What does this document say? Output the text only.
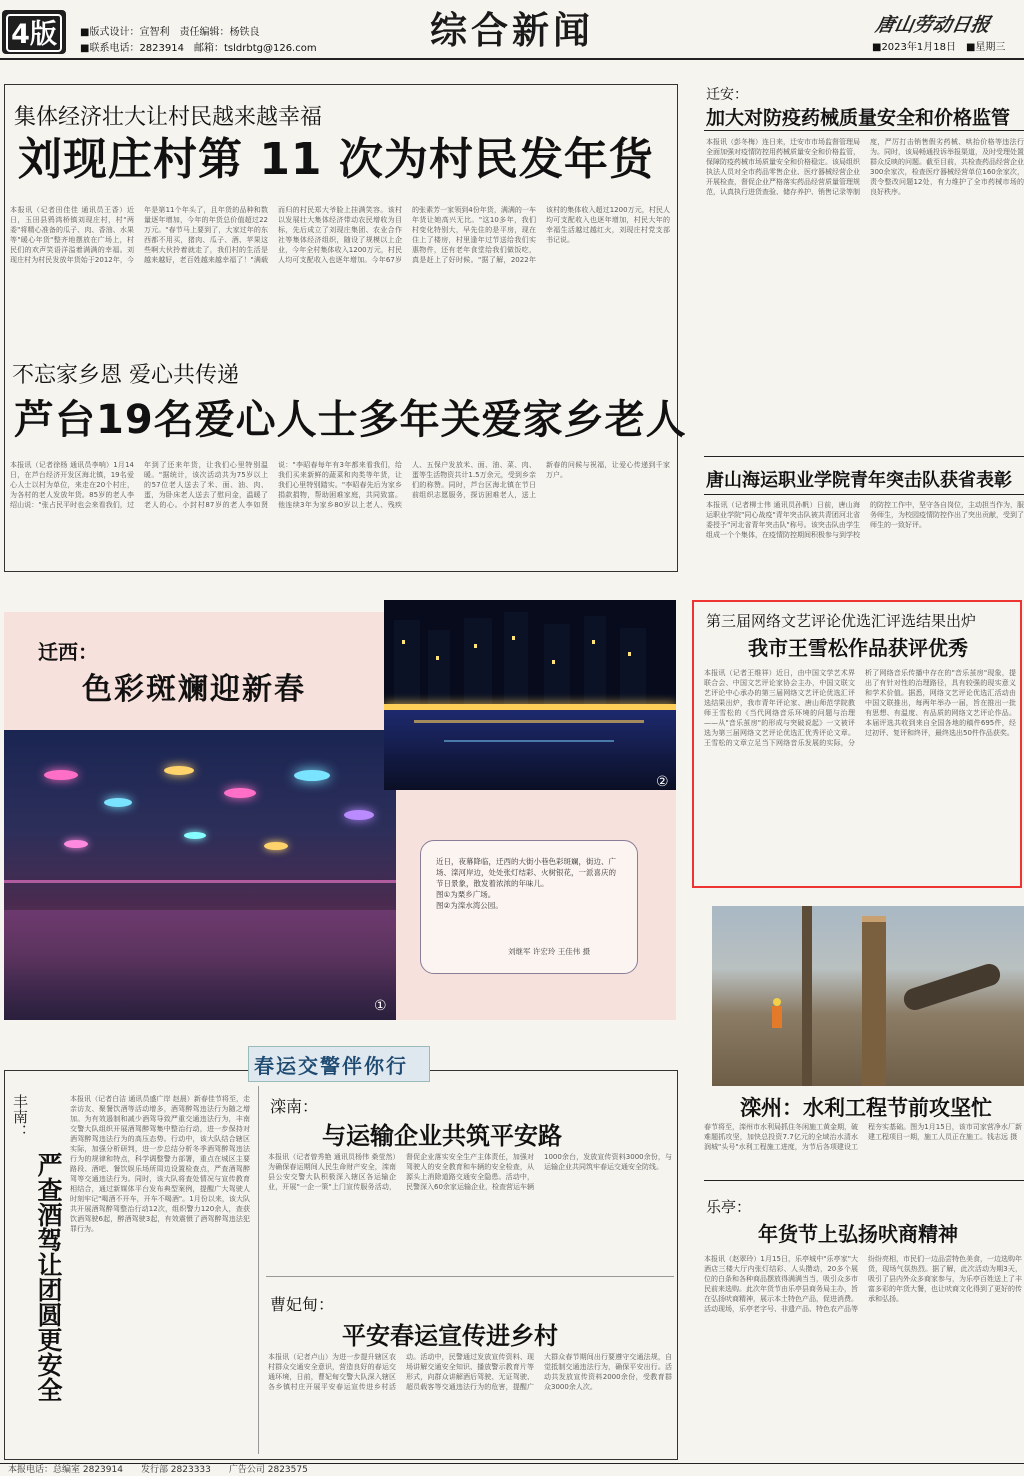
4版	■版式设计：宣智利　责任编辑：杨铁良
■联系电话：2823914　邮箱：tsldrbtg@126.com	综合新闻	唐山劳动日报
■2023年1月18日　■星期三
集体经济壮大让村民越来越幸福
刘现庄村第 11 次为村民发年货
本报讯（记者田佳佳 通讯员王香）近日，玉田县鸦鸿桥镇刘现庄村，村"两委"将精心准备的瓜子、肉、香油、水果等"暖心年货"整齐地摆放在广场上，村民们的欢声笑语洋溢着满满的幸福。刘现庄村为村民发放年货始于2012年，今年是第11个年头了，且年货的品种和数量逐年增加，今年的年货总价值超过22万元。"春节马上要到了，大家过年的东西都不用买，猪肉、瓜子、酒、苹果这些啊大伙拎着就走了，我们村的生活是越来越好，老百姓越来越幸福了！"满载而归的村民郑大爷脸上挂满笑容。该村以发展壮大集体经济带动农民增收为目标，先后成立了刘现庄集团、农业合作社等集体经济组织，随设了规模以上企业，今年全村集体收入1200万元，村民人均可支配收入也逐年增加。今年67岁的张素芳一家领到4份年货，满满的一车年货让她高兴无比。"这10多年，我们村变化特别大，早先住的是平房，现在住上了楼房，村里逢年过节送给我们实惠物件，还有老年食堂给我们做饭吃，真是赶上了好时候。"据了解，2022年该村的集体收入超过1200万元，村民人均可支配收入也逐年增加，村民大年的幸福生活越过越红火，刘现庄村党支部书记说。
不忘家乡恩 爱心共传递
芦台19名爱心人士多年关爱家乡老人
本报讯（记者徐杨 通讯员李响）1月14日，在芦台经济开发区海北镇，19名爱心人士以村为单位，来走在20个村庄，为各村的老人发放年货。85岁的老人李绍山说："张占民平时也会来看我们，过年到了还来年货，让我们心里特别温暖。"据统计，该次活动共为75岁以上的57位老人送去了米、面、油、肉、蛋，为卧床老人送去了慰问金，温暖了老人的心。小封村87岁的老人李如贤说："李昭春每年有3年都来看我们，给我们买来新鲜的蔬菜和肉类等年货，让我们心里特别踏实。"李昭春先后为家乡捐款捐物，帮助困难家庭，共同致富。他连续3年为家乡80岁以上老人、残疾人、五保户发放米、面、油、菜、肉、蛋等生活物资共计1.5万余元，受到乡亲们的称赞。同时，芦台区海北镇在节日前组织志愿服务，探访困难老人，送上新春的问候与祝福，让爱心传递到千家万户。
迁安：
加大对防疫药械质量安全和价格监管
本报讯（彭冬梅）连日来，迁安市市场监督管理局全面加强对疫情防控用药械质量安全和价格监管，保障防疫药械市场质量安全和价格稳定。该局组织执法人员对全市药品零售企业、医疗器械经营企业开展检查，督促企业严格落实药品经营质量管理规范，认真执行进货查验、储存养护、销售记录等制度，严厉打击销售假劣药械、哄抬价格等违法行为。同时，该局畅通投诉举报渠道，及时受理处置群众反映的问题。截至目前，共检查药品经营企业300余家次，检查医疗器械经营单位160余家次，责令整改问题12处，有力维护了全市药械市场的良好秩序。
唐山海运职业学院青年突击队获省表彰
本报讯（记者柳士伟 通讯员孙帆）日前，唐山海运职业学院"同心战疫"青年突击队被共青团河北省委授予"河北省青年突击队"称号。该突击队由学生组成一个个集体，在疫情防控期间积极参与到学校的防控工作中，坚守各自岗位，主动担当作为，服务师生，为校园疫情防控作出了突出贡献，受到了师生的一致好评。
迁西：
色彩斑斓迎新春
①
②
近日，夜幕降临，迁西的大街小巷色彩斑斓，街边、广场、滦河岸边，处处张灯结彩、火树银花，一派喜庆的节日景象，散发着浓浓的年味儿。
图①为栗乡广场。
图②为滦水湾公园。
刘继军 许宏玲 王佳伟 摄
第三届网络文艺评论优选汇评选结果出炉
我市王雪松作品获评优秀
本报讯（记者王维祥）近日，由中国文学艺术界联合会、中国文艺评论家协会主办，中国文联文艺评论中心承办的第三届网络文艺评论优选汇评选结果出炉，我市青年评论家、唐山师范学院教师王雪松的《当代网络音乐环境的问题与治理——从"音乐茧房"的形成与突破说起》一文被评选为第三届网络文艺评论优选汇优秀评论文章。王雪松的文章立足当下网络音乐发展的实际，分析了网络音乐传播中存在的"音乐茧房"现象，提出了有针对性的治理路径，具有较强的现实意义和学术价值。据悉，网络文艺评论优选汇活动由中国文联推出，每两年举办一届，旨在推出一批有思想、有温度、有品质的网络文艺评论作品。本届评选共收到来自全国各地的稿件695件，经过初评、复评和终评，最终选出50件作品获奖。
滦州：水利工程节前攻坚忙
春节将至，滦州市水利局抓住冬闲施工黄金期，破难题抓攻坚，加快总投资7.7亿元的全域治水清水润城"头号"水利工程施工进度，为节后各项建设工程夯实基础。图为1月15日，该市司家营净水厂新建工程项目一期，施工人员正在施工。钱志远 摄
乐亭：
年货节上弘扬吠商精神
本报讯（赵翠玲）1月15日，乐亭城中"乐亭家"大酒店三楼大厅内张灯结彩、人头攒动，20多个展位的白条和各种商品摆放得满满当当，吸引众多市民前来选购。此次年货节由乐亭县商务局主办，旨在弘扬吠商精神，展示本土特色产品，促进消费。活动现场，乐亭老字号、非遗产品、特色农产品等纷纷亮相，市民们一边品尝特色美食，一边选购年货，现场气氛热烈。据了解，此次活动为期3天，吸引了县内外众多商家参与，为乐亭百姓送上了丰富多彩的年货大餐，也让吠商文化得到了更好的传承和弘扬。
春运交警伴你行
丰南：
严查酒驾让团圆更安全
本报讯（记者白洁 通讯员盛广岸 赵晨）新春佳节将至，走亲访友、聚餐饮酒等活动增多，酒驾醉驾违法行为随之增加。为有效遏制和减少酒驾导致严重交通违法行为，丰南交警大队组织开展酒驾醉驾集中整治行动，进一步保持对酒驾醉驾违法行为的高压态势。行动中，该大队结合辖区实际，加强分析研判，进一步总结分析冬季酒驾醉驾违法行为的规律和特点，科学调整警力部署，重点在城区主要路段、酒吧、餐饮娱乐场所周边设置检查点，严查酒驾醉驾等交通违法行为。同时，该大队将查处情况与宣传教育相结合，通过新媒体平台发布典型案例，提醒广大驾驶人时刻牢记"喝酒不开车，开车不喝酒"。1月份以来，该大队共开展酒驾醉驾整治行动12次，组织警力120余人，查获饮酒驾驶6起，醉酒驾驶3起，有效震慑了酒驾醉驾违法犯罪行为。
滦南：
与运输企业共筑平安路
本报讯（记者曾秀艳 通讯员杨伟 桑莹然）为确保春运期间人民生命财产安全，滦南县公安交警大队积极深入辖区各运输企业，开展"一企一策"上门宣传服务活动，督促企业落实安全生产主体责任，加强对驾驶人的安全教育和车辆的安全检查，从源头上消除道路交通安全隐患。活动中，民警深入60余家运输企业，检查营运车辆1000余台，发放宣传资料3000余份，与运输企业共同筑牢春运交通安全防线。
曹妃甸：
平安春运宣传进乡村
本报讯（记者卢山）为进一步提升辖区农村群众交通安全意识，营造良好的春运交通环境，日前，曹妃甸交警大队深入辖区各乡镇村庄开展平安春运宣传进乡村活动。活动中，民警通过发放宣传资料、现场讲解交通安全知识、播放警示教育片等形式，向群众讲解酒后驾驶、无证驾驶、超员载客等交通违法行为的危害，提醒广大群众春节期间出行要遵守交通法规，自觉抵制交通违法行为，确保平安出行。活动共发放宣传资料2000余份，受教育群众3000余人次。
本报电话：总编室 2823914　　发行部 2823333　　广告公司 2823575
